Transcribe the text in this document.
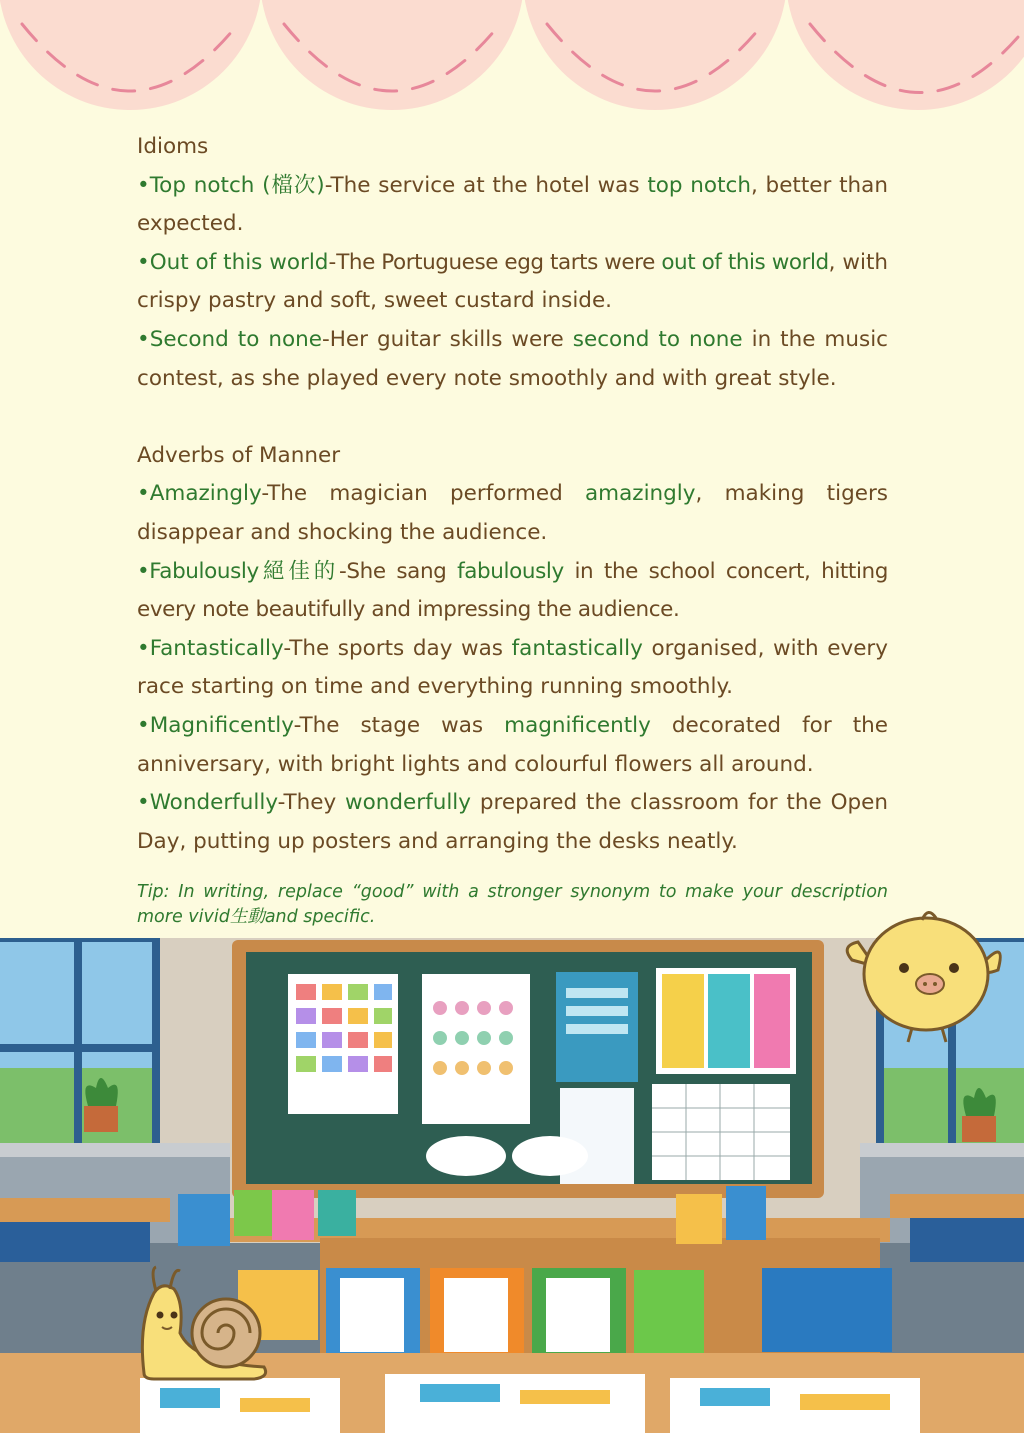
Idioms

•Top notch (檔次)-The service at the hotel was top notch, better than expected.

•Out of this world-The Portuguese egg tarts were out of this world, with crispy pastry and soft, sweet custard inside.

•Second to none-Her guitar skills were second to none in the music contest, as she played every note smoothly and with great style.

Adverbs of Manner

•Amazingly-The magician performed amazingly, making tigers disappear and shocking the audience.

•Fabulously絕佳的-She sang fabulously in the school concert, hitting every note beautifully and impressing the audience.

•Fantastically-The sports day was fantastically organised, with every race starting on time and everything running smoothly.

•Magnificently-The stage was magnificently decorated for the anniversary, with bright lights and colourful flowers all around.

•Wonderfully-They wonderfully prepared the classroom for the Open Day, putting up posters and arranging the desks neatly.

Tip: In writing, replace “good” with a stronger synonym to make your description more vivid生動and specific.
